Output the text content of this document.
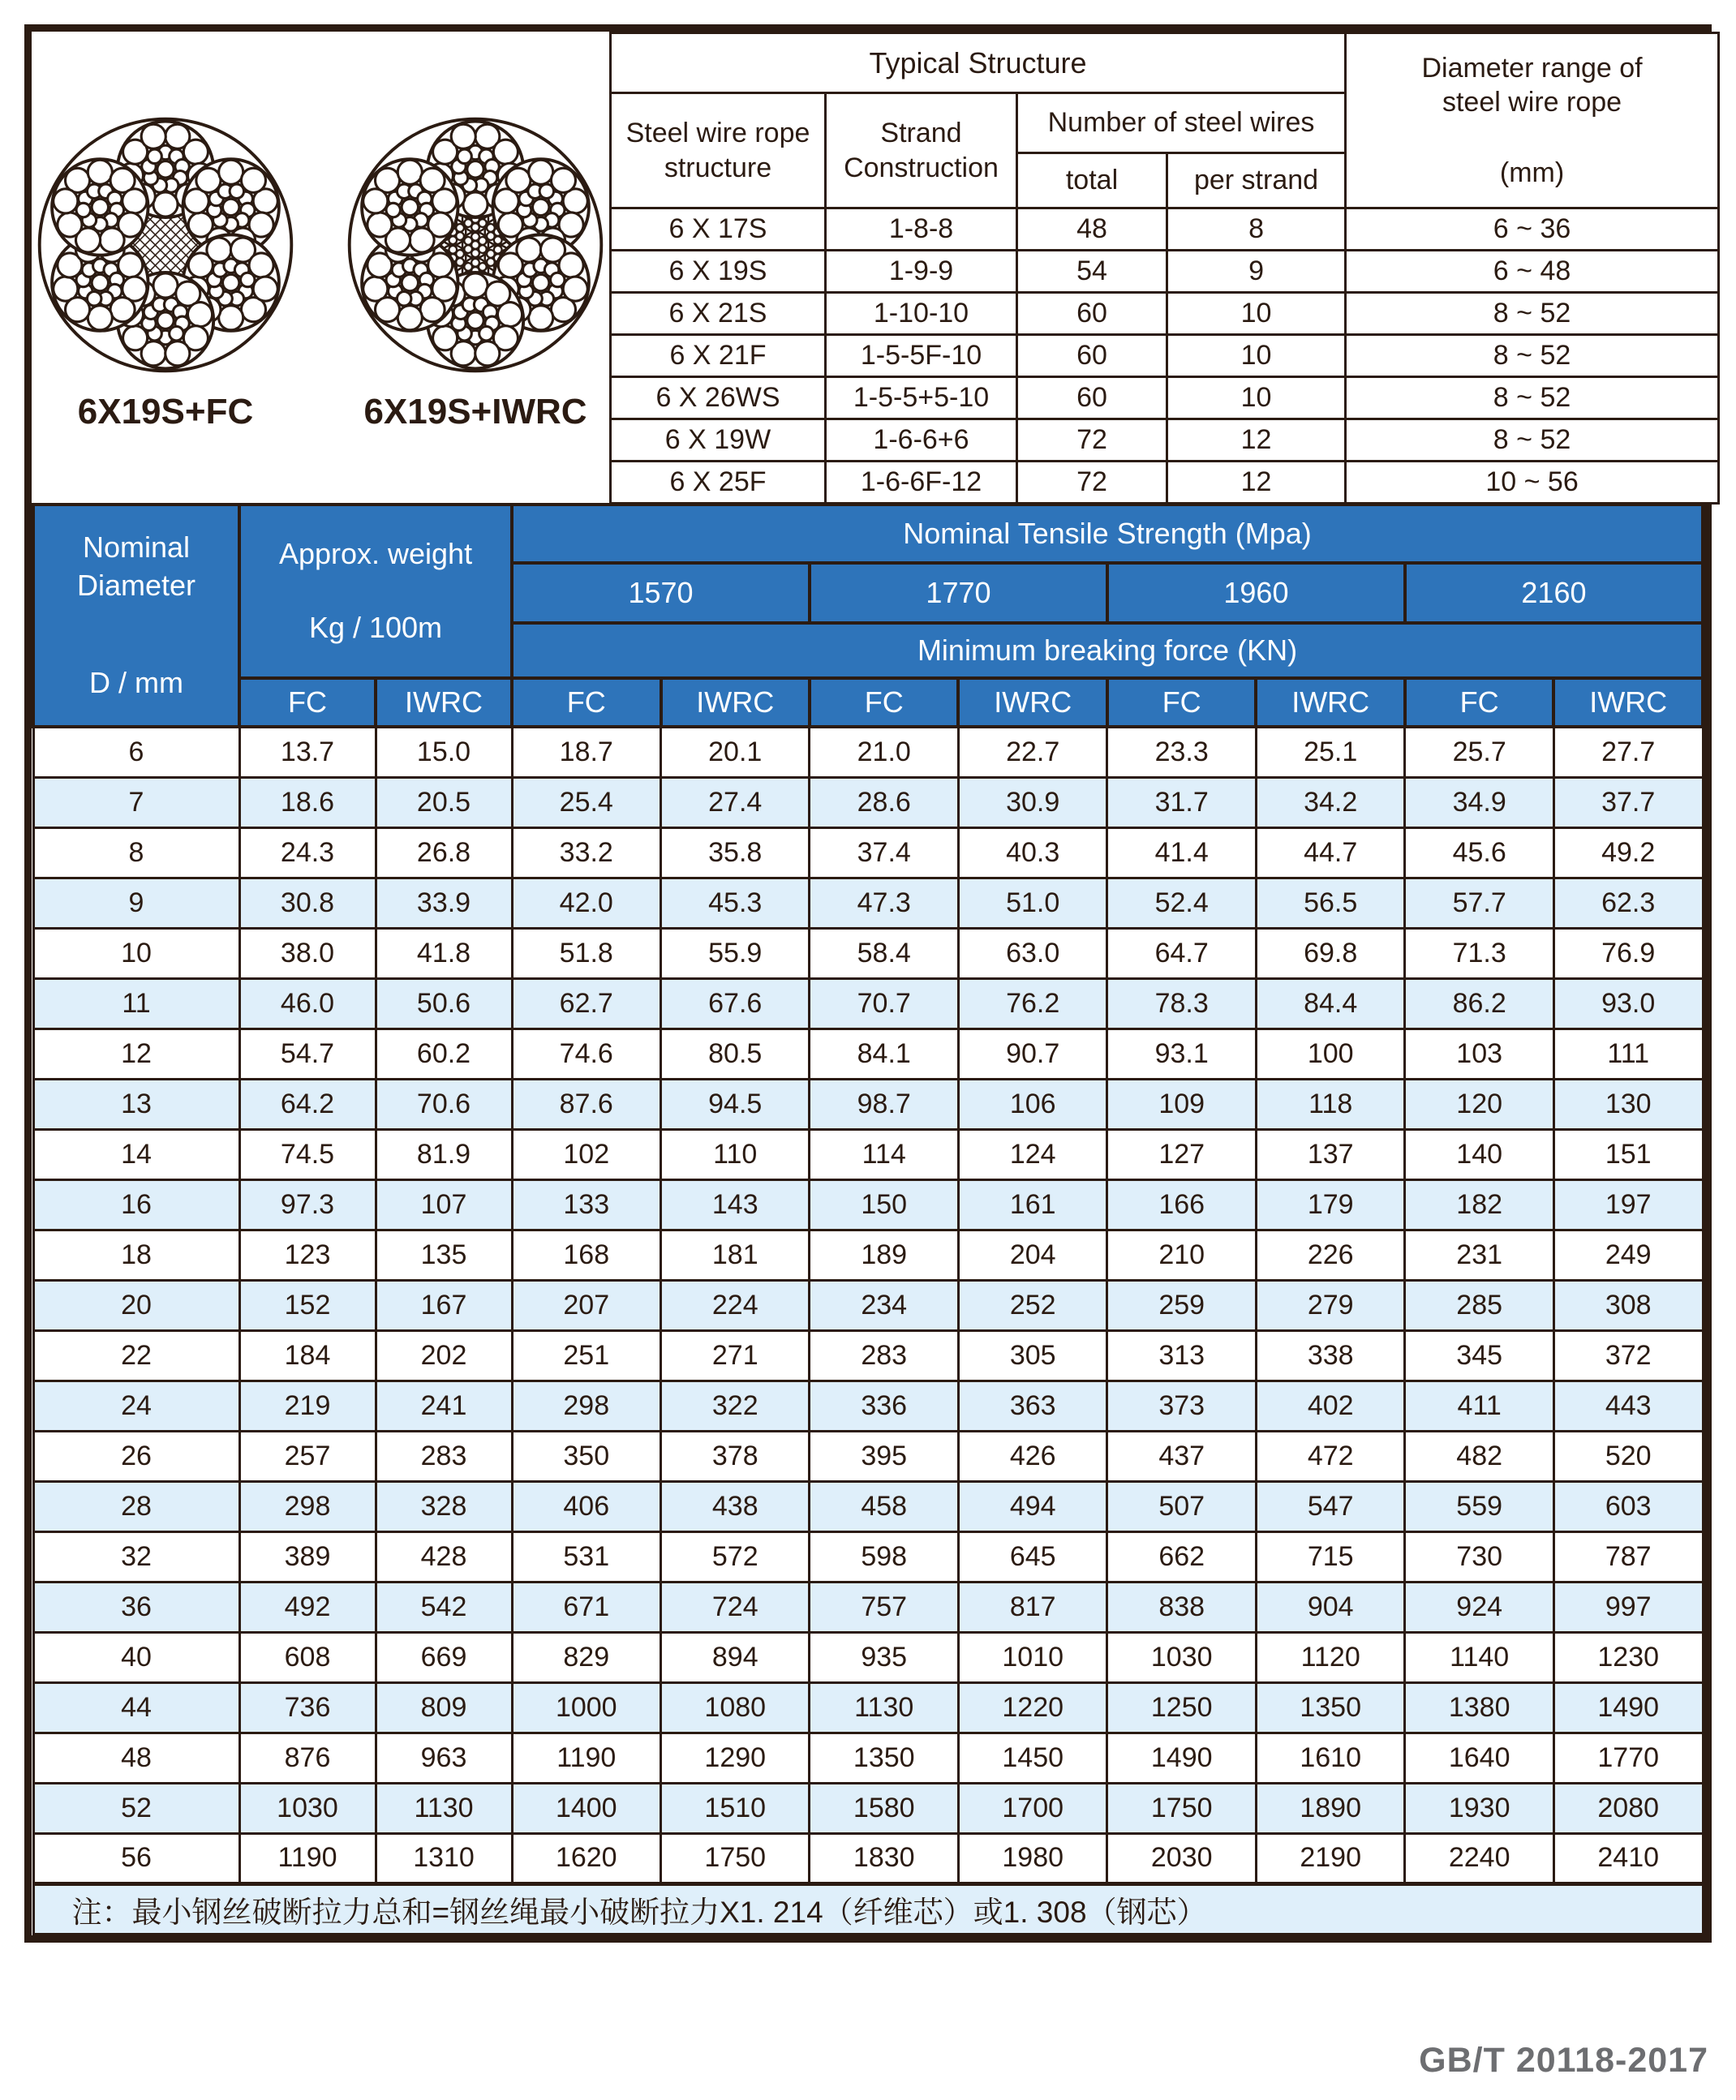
6X19S+FC	6X19S+IWRC
Typical Structure				Diameter range of
steel wire rope
(mm)

Steel wire rope structure	Strand Construction	Number of steel wires		
		total	per strand	
6 X 17S	1-8-8	48	8	6 ~ 36
6 X 19S	1-9-9	54	9	6 ~ 48
6 X 21S	1-10-10	60	10	8 ~ 52
6 X 21F	1-5-5F-10	60	10	8 ~ 52
6 X 26WS	1-5-5+5-10	60	10	8 ~ 52
6 X 19W	1-6-6+6	72	12	8 ~ 52
6 X 25F	1-6-6F-12	72	12	10 ~ 56
Nominal Diameter
D / mm	Approx. weight
Kg / 100m		Nominal Tensile Strength (Mpa)							
			1570		1770		1960		2160	
			Minimum breaking force (KN)							
	FC	IWRC	FC	IWRC	FC	IWRC	FC	IWRC	FC	IWRC
6	13.7	15.0	18.7	20.1	21.0	22.7	23.3	25.1	25.7	27.7
7	18.6	20.5	25.4	27.4	28.6	30.9	31.7	34.2	34.9	37.7
8	24.3	26.8	33.2	35.8	37.4	40.3	41.4	44.7	45.6	49.2
9	30.8	33.9	42.0	45.3	47.3	51.0	52.4	56.5	57.7	62.3
10	38.0	41.8	51.8	55.9	58.4	63.0	64.7	69.8	71.3	76.9
11	46.0	50.6	62.7	67.6	70.7	76.2	78.3	84.4	86.2	93.0
12	54.7	60.2	74.6	80.5	84.1	90.7	93.1	100	103	111
13	64.2	70.6	87.6	94.5	98.7	106	109	118	120	130
14	74.5	81.9	102	110	114	124	127	137	140	151
16	97.3	107	133	143	150	161	166	179	182	197
18	123	135	168	181	189	204	210	226	231	249
20	152	167	207	224	234	252	259	279	285	308
22	184	202	251	271	283	305	313	338	345	372
24	219	241	298	322	336	363	373	402	411	443
26	257	283	350	378	395	426	437	472	482	520
28	298	328	406	438	458	494	507	547	559	603
32	389	428	531	572	598	645	662	715	730	787
36	492	542	671	724	757	817	838	904	924	997
40	608	669	829	894	935	1010	1030	1120	1140	1230
44	736	809	1000	1080	1130	1220	1250	1350	1380	1490
48	876	963	1190	1290	1350	1450	1490	1610	1640	1770
52	1030	1130	1400	1510	1580	1700	1750	1890	1930	2080
56	1190	1310	1620	1750	1830	1980	2030	2190	2240	2410
注：最小钢丝破断拉力总和=钢丝绳最小破断拉力X1. 214（纤维芯）或1. 308（钢芯）										
GB/T 20118-2017
